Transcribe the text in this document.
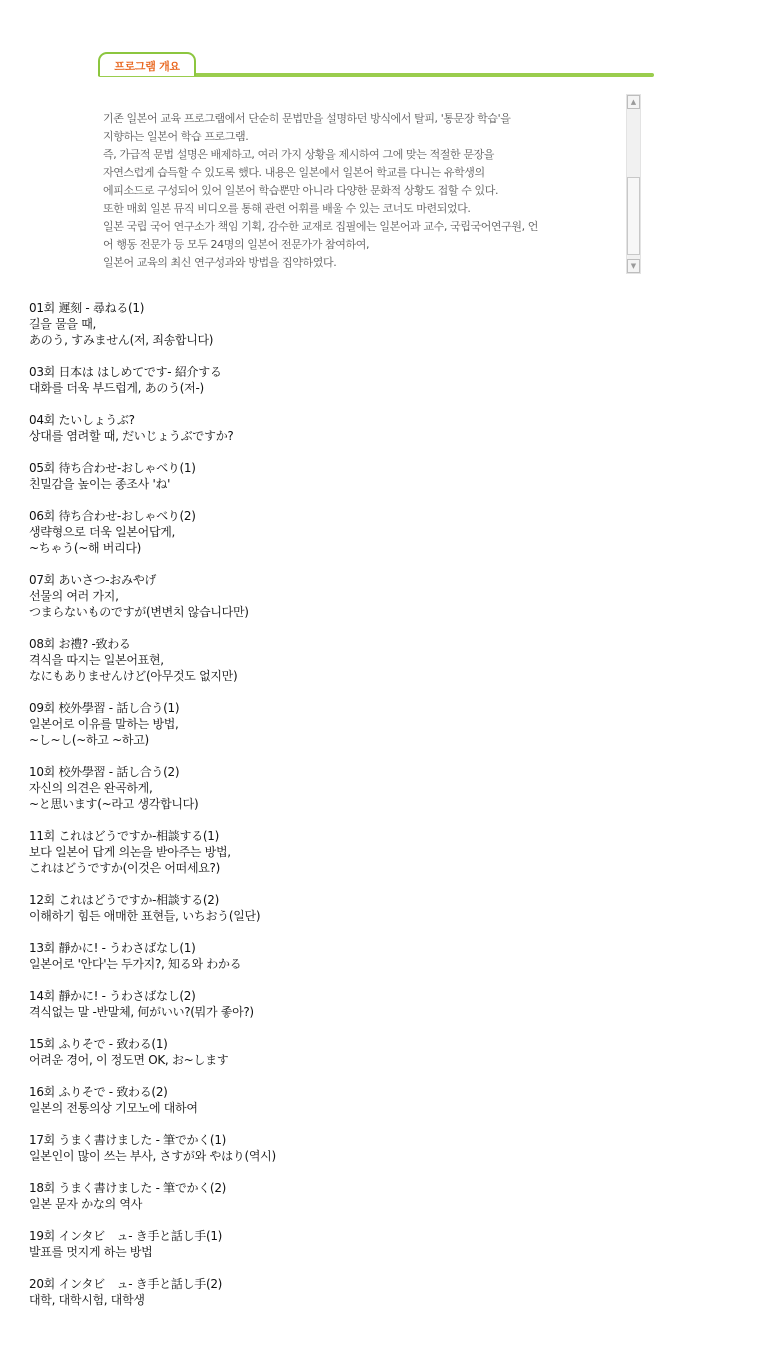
프로그램 개요
기존 일본어 교육 프로그램에서 단순히 문법만을 설명하던 방식에서 탈피, '통문장 학습'을
지향하는 일본어 학습 프로그램.
즉, 가급적 문법 설명은 배제하고, 여러 가지 상황을 제시하여 그에 맞는 적절한 문장을
자연스럽게 습득할 수 있도록 했다. 내용은 일본에서 일본어 학교를 다니는 유학생의
에피소드로 구성되어 있어 일본어 학습뿐만 아니라 다양한 문화적 상황도 접할 수 있다.
또한 매회 일본 뮤직 비디오를 통해 관련 어휘를 배울 수 있는 코너도 마련되었다.
일본 국립 국어 연구소가 책임 기획, 감수한 교재로 집필에는 일본어과 교수, 국립국어연구원, 언
어 행동 전문가 등 모두 24명의 일본어 전문가가 참여하여,
일본어 교육의 최신 연구성과와 방법을 집약하였다.
▲
▼
01회 遲刻 - 尋ねる(1)
길을 물을 때,
あのう, すみません(저, 죄송합니다)
03회 日本は はしめてです- 紹介する
대화를 더욱 부드럽게, あのう(저-)
04회 たいしょうぶ?
상대를 염려할 때, だいじょうぶですか?
05회 待ち合わせ-おしゃべり(1)
친밀감을 높이는 종조사 'ね'
06회 待ち合わせ-おしゃべり(2)
생략형으로 더욱 일본어답게,
~ちゃう(~해 버리다)
07회 あいさつ-おみやげ
선물의 여러 가지,
つまらないものですが(변변치 않습니다만)
08회 お禮? -致わる
격식을 따지는 일본어표현,
なにもありませんけど(아무것도 없지만)
09회 校外學習 - 話し合う(1)
일본어로 이유를 말하는 방법,
~し~し(~하고 ~하고)
10회 校外學習 - 話し合う(2)
자신의 의견은 완곡하게,
~と思います(~라고 생각합니다)
11회 これはどうですか-相談する(1)
보다 일본어 답게 의논을 받아주는 방법,
これはどうですか(이것은 어떠세요?)
12회 これはどうですか-相談する(2)
이해하기 힘든 애매한 표현들, いちおう(일단)
13회 靜かに! - うわさばなし(1)
일본어로 '안다'는 두가지?, 知る와 わかる
14회 靜かに! - うわさばなし(2)
격식없는 말 -반말체, 何がいい?(뭐가 좋아?)
15회 ふりそで - 致わる(1)
어려운 경어, 이 정도면 OK, お~します
16회 ふりそで - 致わる(2)
일본의 전통의상 기모노에 대하여
17회 うまく書けました - 筆でかく(1)
일본인이 많이 쓰는 부사, さすが와 やはり(역시)
18회 うまく書けました - 筆でかく(2)
일본 문자 かな의 역사
19회 インタビ　ュ- き手と話し手(1)
발표를 멋지게 하는 방법
20회 インタビ　ュ- き手と話し手(2)
대학, 대학시험, 대학생
